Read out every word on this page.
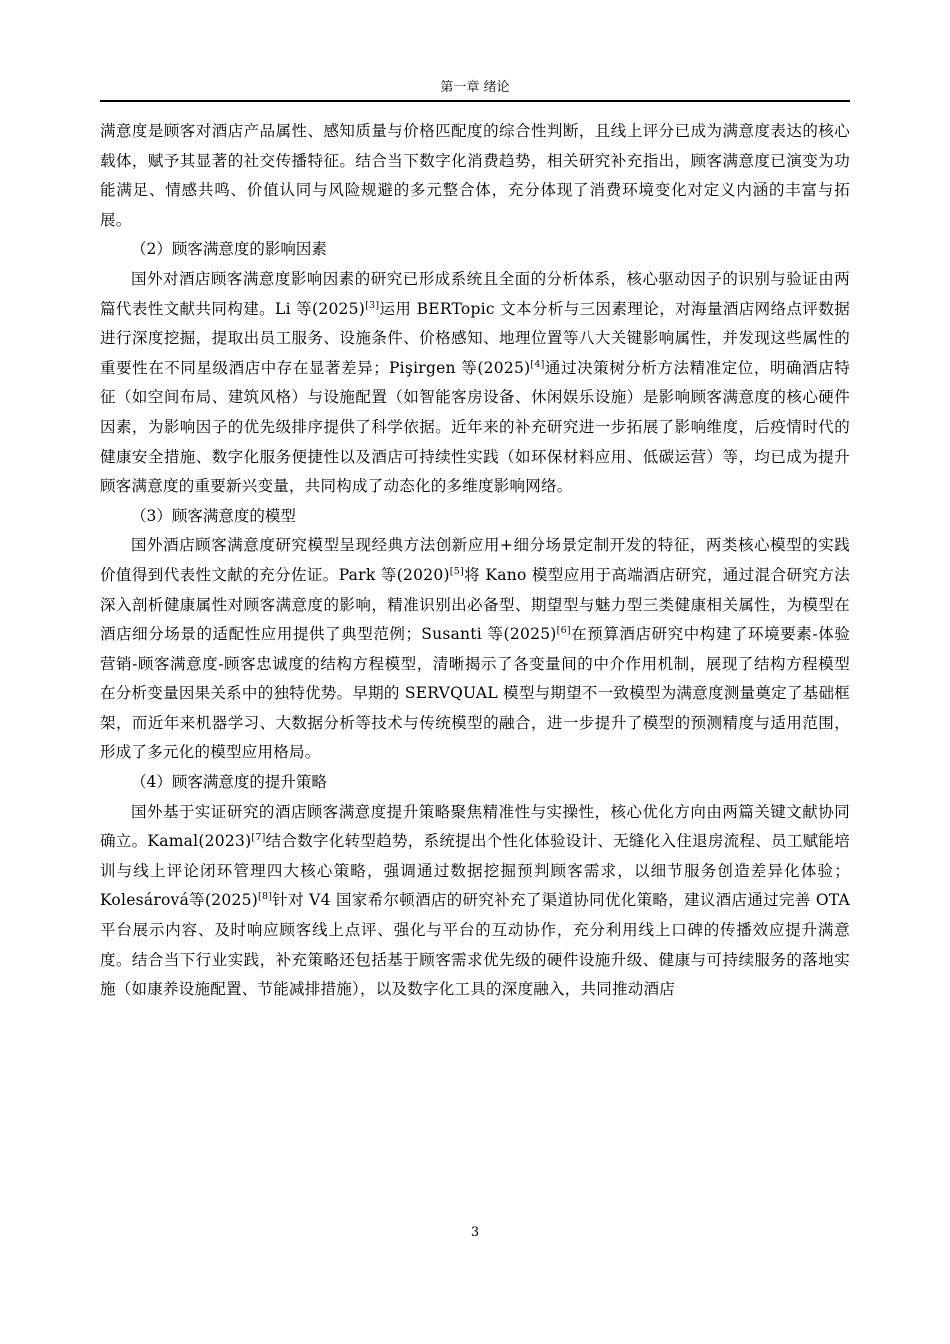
第一章 绪论

满意度是顾客对酒店产品属性、感知质量与价格匹配度的综合性判断，且线上评分已成为满意度表达的核心载体，赋予其显著的社交传播特征。结合当下数字化消费趋势，相关研究补充指出，顾客满意度已演变为功能满足、情感共鸣、价值认同与风险规避的多元整合体，充分体现了消费环境变化对定义内涵的丰富与拓展。

（2）顾客满意度的影响因素

国外对酒店顾客满意度影响因素的研究已形成系统且全面的分析体系，核心驱动因子的识别与验证由两篇代表性文献共同构建。Li 等(2025)[3]运用 BERTopic 文本分析与三因素理论，对海量酒店网络点评数据进行深度挖掘，提取出员工服务、设施条件、价格感知、地理位置等八大关键影响属性，并发现这些属性的重要性在不同星级酒店中存在显著差异；Pişirgen 等(2025)[4]通过决策树分析方法精准定位，明确酒店特征（如空间布局、建筑风格）与设施配置（如智能客房设备、休闲娱乐设施）是影响顾客满意度的核心硬件因素，为影响因子的优先级排序提供了科学依据。近年来的补充研究进一步拓展了影响维度，后疫情时代的健康安全措施、数字化服务便捷性以及酒店可持续性实践（如环保材料应用、低碳运营）等，均已成为提升顾客满意度的重要新兴变量，共同构成了动态化的多维度影响网络。

（3）顾客满意度的模型

国外酒店顾客满意度研究模型呈现经典方法创新应用+细分场景定制开发的特征，两类核心模型的实践价值得到代表性文献的充分佐证。Park 等(2020)[5]将 Kano 模型应用于高端酒店研究，通过混合研究方法深入剖析健康属性对顾客满意度的影响，精准识别出必备型、期望型与魅力型三类健康相关属性，为模型在酒店细分场景的适配性应用提供了典型范例；Susanti 等(2025)[6]在预算酒店研究中构建了环境要素-体验营销-顾客满意度-顾客忠诚度的结构方程模型，清晰揭示了各变量间的中介作用机制，展现了结构方程模型在分析变量因果关系中的独特优势。早期的 SERVQUAL 模型与期望不一致模型为满意度测量奠定了基础框架，而近年来机器学习、大数据分析等技术与传统模型的融合，进一步提升了模型的预测精度与适用范围，形成了多元化的模型应用格局。

（4）顾客满意度的提升策略

国外基于实证研究的酒店顾客满意度提升策略聚焦精准性与实操性，核心优化方向由两篇关键文献协同确立。Kamal(2023)[7]结合数字化转型趋势，系统提出个性化体验设计、无缝化入住退房流程、员工赋能培训与线上评论闭环管理四大核心策略，强调通过数据挖掘预判顾客需求，以细节服务创造差异化体验；Kolesárová等(2025)[8]针对 V4 国家希尔顿酒店的研究补充了渠道协同优化策略，建议酒店通过完善 OTA 平台展示内容、及时响应顾客线上点评、强化与平台的互动协作，充分利用线上口碑的传播效应提升满意度。结合当下行业实践，补充策略还包括基于顾客需求优先级的硬件设施升级、健康与可持续服务的落地实施（如康养设施配置、节能减排措施），以及数字化工具的深度融入，共同推动酒店

3
